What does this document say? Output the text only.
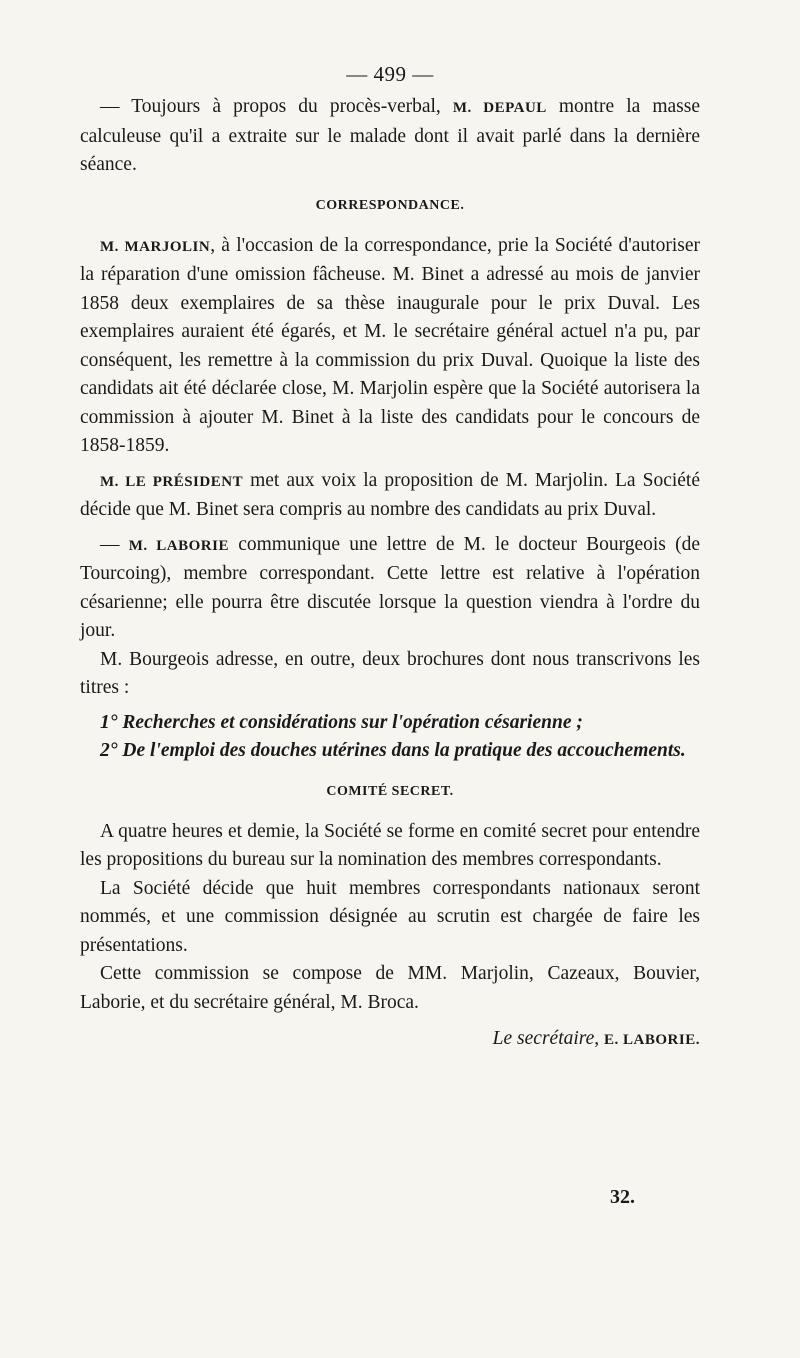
— 499 —

— Toujours à propos du procès-verbal, M. DEPAUL montre la masse calculeuse qu'il a extraite sur le malade dont il avait parlé dans la dernière séance.

CORRESPONDANCE.

M. MARJOLIN, à l'occasion de la correspondance, prie la Société d'autoriser la réparation d'une omission fâcheuse. M. Binet a adressé au mois de janvier 1858 deux exemplaires de sa thèse inaugurale pour le prix Duval. Les exemplaires auraient été égarés, et M. le secrétaire général actuel n'a pu, par conséquent, les remettre à la commission du prix Duval. Quoique la liste des candidats ait été déclarée close, M. Marjolin espère que la Société autorisera la commission à ajouter M. Binet à la liste des candidats pour le concours de 1858-1859.

M. LE PRÉSIDENT met aux voix la proposition de M. Marjolin. La Société décide que M. Binet sera compris au nombre des candidats au prix Duval.

— M. LABORIE communique une lettre de M. le docteur Bourgeois (de Tourcoing), membre correspondant. Cette lettre est relative à l'opération césarienne; elle pourra être discutée lorsque la question viendra à l'ordre du jour.

M. Bourgeois adresse, en outre, deux brochures dont nous transcrivons les titres :

1° Recherches et considérations sur l'opération césarienne ;

2° De l'emploi des douches utérines dans la pratique des accouchements.

COMITÉ SECRET.

A quatre heures et demie, la Société se forme en comité secret pour entendre les propositions du bureau sur la nomination des membres correspondants.

La Société décide que huit membres correspondants nationaux seront nommés, et une commission désignée au scrutin est chargée de faire les présentations.

Cette commission se compose de MM. Marjolin, Cazeaux, Bouvier, Laborie, et du secrétaire général, M. Broca.

Le secrétaire, E. LABORIE.
32.
